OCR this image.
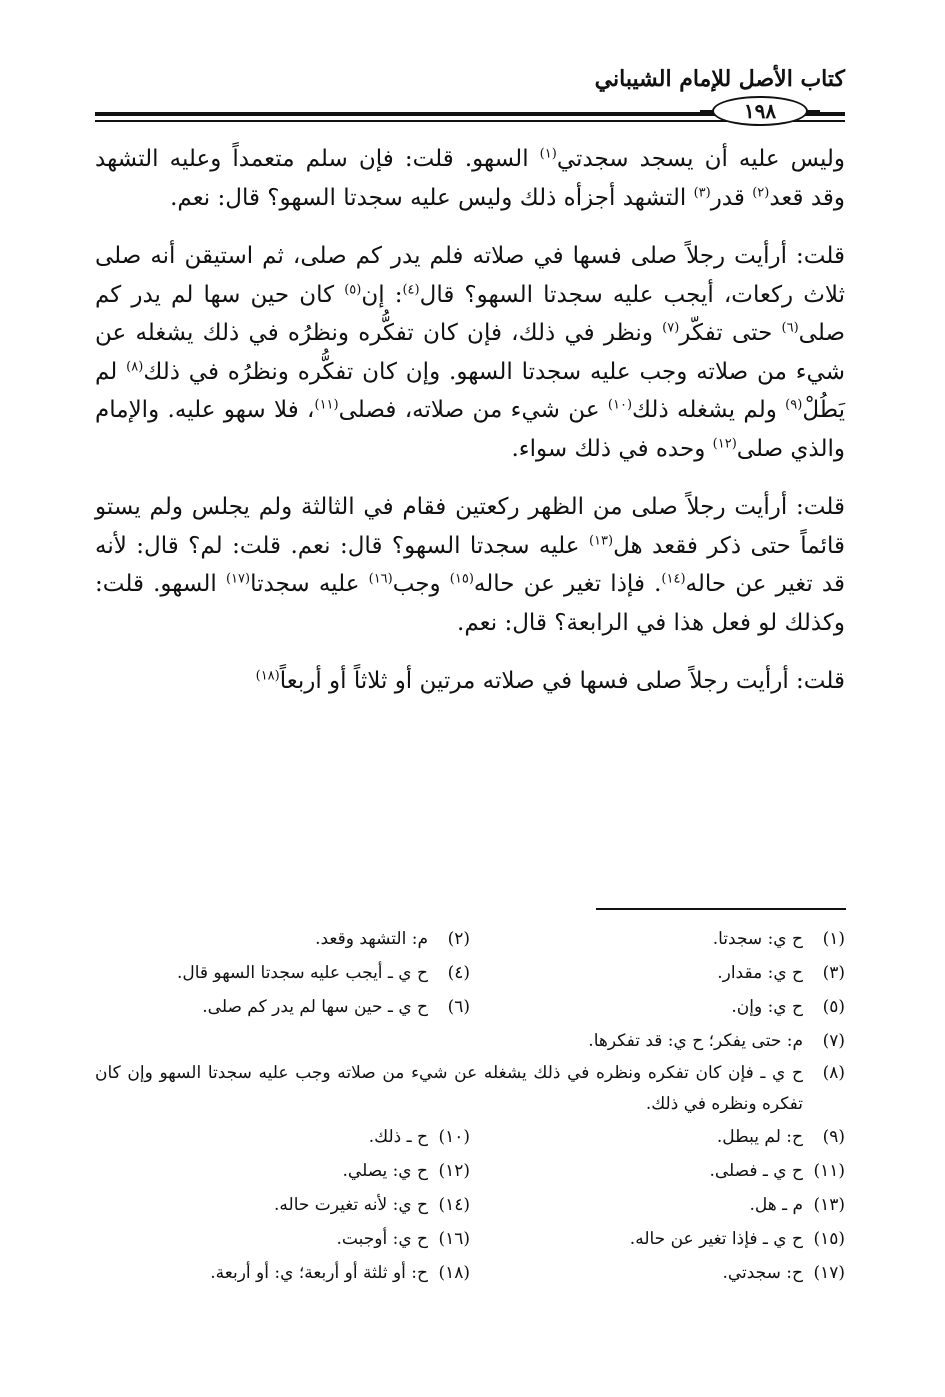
كتاب الأصل للإمام الشيباني
١٩٨

وليس عليه أن يسجد سجدتي$^{(١)}$ السهو. قلت: فإن سلم متعمداً وعليه التشهد وقد قعد$^{(٢)}$ قدر$^{(٣)}$ التشهد أجزأه ذلك وليس عليه سجدتا السهو؟ قال: نعم.

قلت: أرأيت رجلاً صلى فسها في صلاته فلم يدر كم صلى، ثم استيقن أنه صلى ثلاث ركعات، أيجب عليه سجدتا السهو؟ قال$^{(٤)}$: إن$^{(٥)}$ كان حين سها لم يدر كم صلى$^{(٦)}$ حتى تفكّر$^{(٧)}$ ونظر في ذلك، فإن كان تفكُّره ونظرُه في ذلك يشغله عن شيء من صلاته وجب عليه سجدتا السهو. وإن كان تفكُّره ونظرُه في ذلك$^{(٨)}$ لم يَطُلْ$^{(٩)}$ ولم يشغله ذلك$^{(١٠)}$ عن شيء من صلاته، فصلى$^{(١١)}$، فلا سهو عليه. والإمام والذي صلى$^{(١٢)}$ وحده في ذلك سواء.

قلت: أرأيت رجلاً صلى من الظهر ركعتين فقام في الثالثة ولم يجلس ولم يستو قائماً حتى ذكر فقعد هل$^{(١٣)}$ عليه سجدتا السهو؟ قال: نعم. قلت: لم؟ قال: لأنه قد تغير عن حاله$^{(١٤)}$. فإذا تغير عن حاله$^{(١٥)}$ وجب$^{(١٦)}$ عليه سجدتا$^{(١٧)}$ السهو. قلت: وكذلك لو فعل هذا في الرابعة؟ قال: نعم.

قلت: أرأيت رجلاً صلى فسها في صلاته مرتين أو ثلاثاً أو أربعاً$^{(١٨)}$

(١)
ح ي: سجدتا.
(٢)
م: التشهد وقعد.
(٣)
ح ي: مقدار.
(٤)
ح ي ـ أيجب عليه سجدتا السهو قال.
(٥)
ح ي: وإن.
(٦)
ح ي ـ حين سها لم يدر كم صلى.
(٧)
م: حتى يفكر؛ ح ي: قد تفكرها.
(٨)
ح ي ـ فإن كان تفكره ونظره في ذلك يشغله عن شيء من صلاته وجب عليه سجدتا السهو وإن كان تفكره ونظره في ذلك.
(٩)
ح: لم يبطل.
(١٠)
ح ـ ذلك.
(١١)
ح ي ـ فصلى.
(١٢)
ح ي: يصلي.
(١٣)
م ـ هل.
(١٤)
ح ي: لأنه تغيرت حاله.
(١٥)
ح ي ـ فإذا تغير عن حاله.
(١٦)
ح ي: أوجبت.
(١٧)
ح: سجدتي.
(١٨)
ح: أو ثلثة أو أربعة؛ ي: أو أربعة.
